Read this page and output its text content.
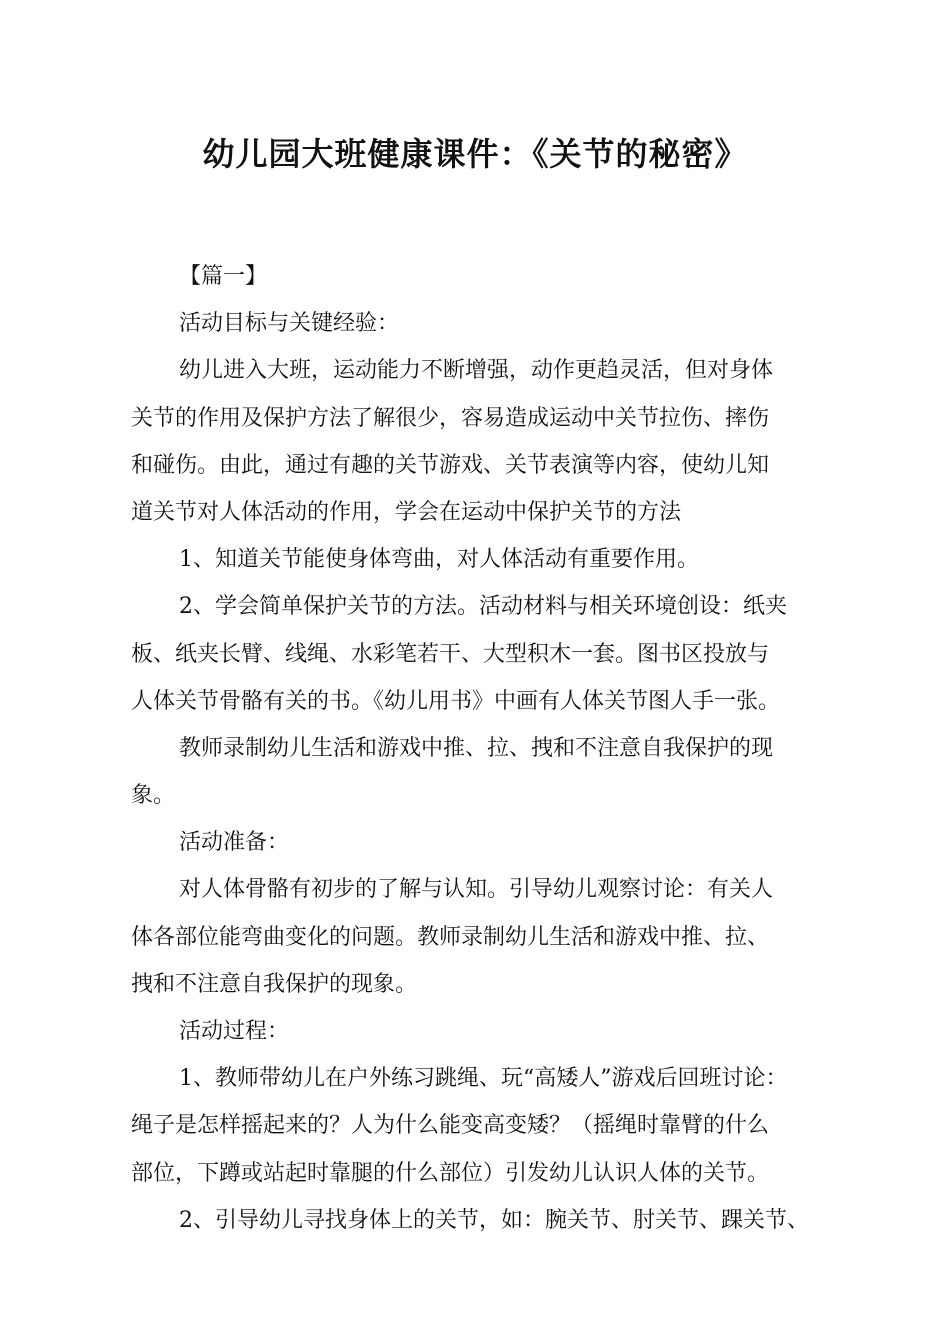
幼儿园大班健康课件：《关节的秘密》
【篇一】
活动目标与关键经验：
幼儿进入大班，运动能力不断增强，动作更趋灵活，但对身体
关节的作用及保护方法了解很少，容易造成运动中关节拉伤、摔伤
和碰伤。由此，通过有趣的关节游戏、关节表演等内容，使幼儿知
道关节对人体活动的作用，学会在运动中保护关节的方法
1、知道关节能使身体弯曲，对人体活动有重要作用。
2、学会简单保护关节的方法。活动材料与相关环境创设：纸夹
板、纸夹长臂、线绳、水彩笔若干、大型积木一套。图书区投放与
人体关节骨骼有关的书。《幼儿用书》中画有人体关节图人手一张。
教师录制幼儿生活和游戏中推、拉、拽和不注意自我保护的现
象。
活动准备：
对人体骨骼有初步的了解与认知。引导幼儿观察讨论：有关人
体各部位能弯曲变化的问题。教师录制幼儿生活和游戏中推、拉、
拽和不注意自我保护的现象。
活动过程：
1、教师带幼儿在户外练习跳绳、玩“高矮人”游戏后回班讨论：
绳子是怎样摇起来的？人为什么能变高变矮？（摇绳时靠臂的什么
部位，下蹲或站起时靠腿的什么部位）引发幼儿认识人体的关节。
2、引导幼儿寻找身体上的关节，如：腕关节、肘关节、踝关节、
